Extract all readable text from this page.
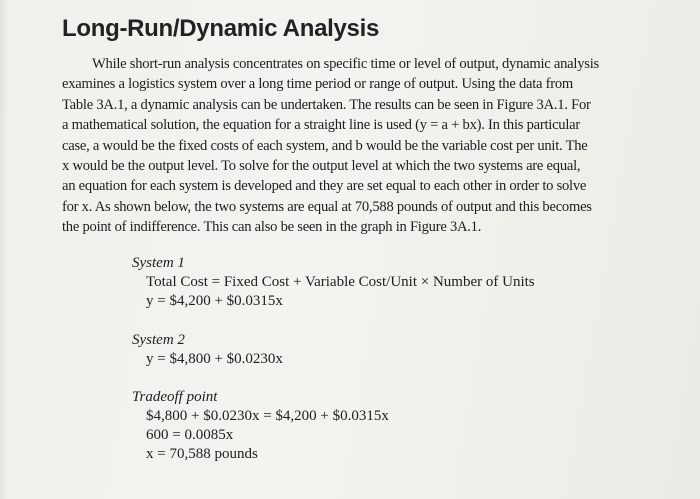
Long-Run/Dynamic Analysis
While short-run analysis concentrates on specific time or level of output, dynamic analysis
examines a logistics system over a long time period or range of output. Using the data from
Table 3A.1, a dynamic analysis can be undertaken. The results can be seen in Figure 3A.1. For
a mathematical solution, the equation for a straight line is used (y = a + bx). In this particular
case, a would be the fixed costs of each system, and b would be the variable cost per unit. The
x would be the output level. To solve for the output level at which the two systems are equal,
an equation for each system is developed and they are set equal to each other in order to solve
for x. As shown below, the two systems are equal at 70,588 pounds of output and this becomes
the point of indifference. This can also be seen in the graph in Figure 3A.1.
System 1
Total Cost = Fixed Cost + Variable Cost/Unit × Number of Units
y = $4,200 + $0.0315x
System 2
y = $4,800 + $0.0230x
Tradeoff point
$4,800 + $0.0230x = $4,200 + $0.0315x
600 = 0.0085x
x = 70,588 pounds
